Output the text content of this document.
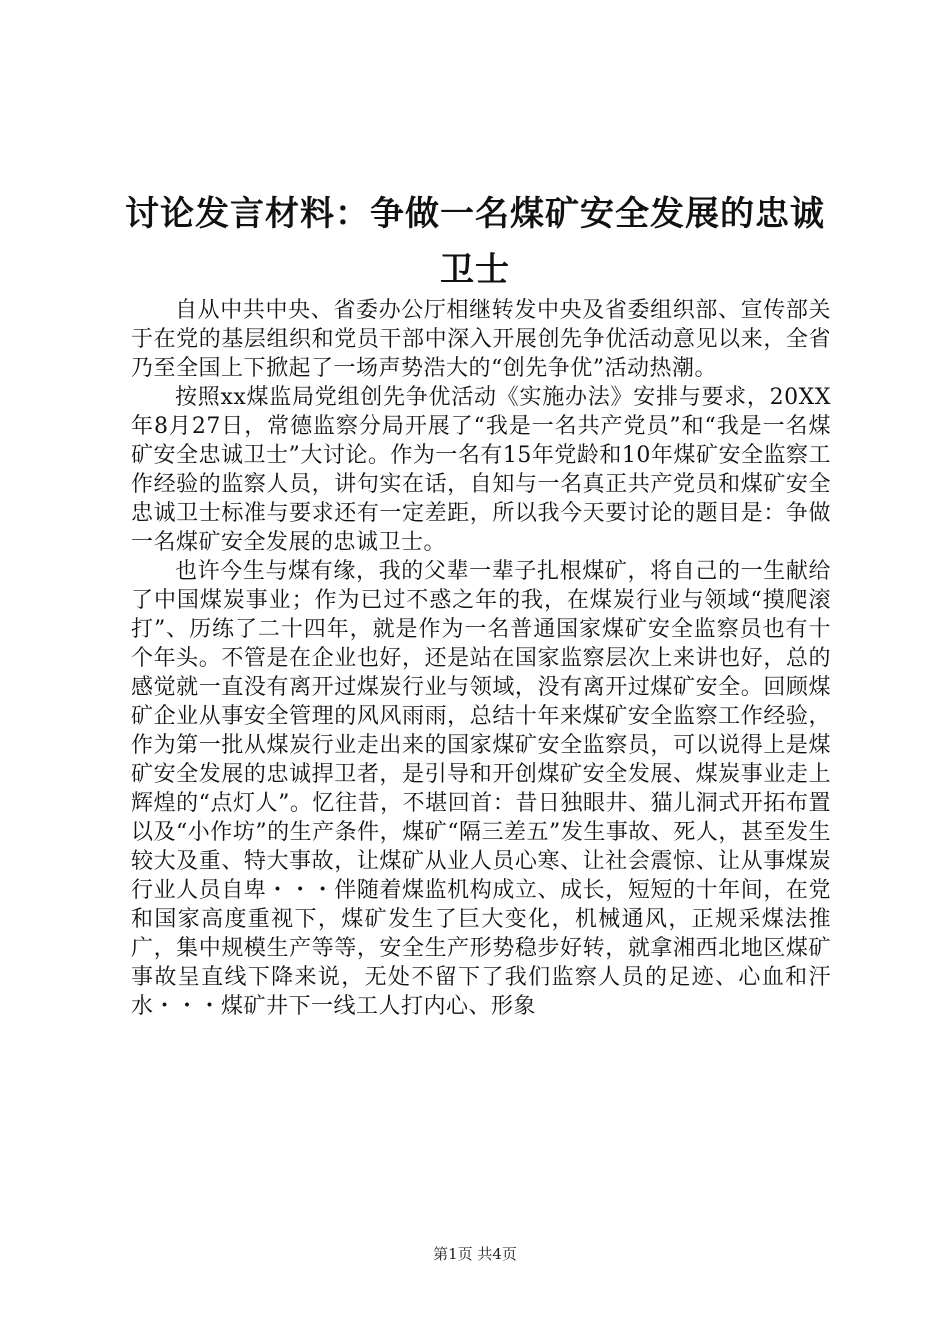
讨论发言材料：争做一名煤矿安全发展的忠诚卫士

自从中共中央、省委办公厅相继转发中央及省委组织部、宣传部关于在党的基层组织和党员干部中深入开展创先争优活动意见以来，全省乃至全国上下掀起了一场声势浩大的“创先争优”活动热潮。

按照xx煤监局党组创先争优活动《实施办法》安排与要求，20XX年8月27日，常德监察分局开展了“我是一名共产党员”和“我是一名煤矿安全忠诚卫士”大讨论。作为一名有15年党龄和10年煤矿安全监察工作经验的监察人员，讲句实在话，自知与一名真正共产党员和煤矿安全忠诚卫士标准与要求还有一定差距，所以我今天要讨论的题目是：争做一名煤矿安全发展的忠诚卫士。

也许今生与煤有缘，我的父辈一辈子扎根煤矿，将自己的一生献给了中国煤炭事业；作为已过不惑之年的我，在煤炭行业与领域“摸爬滚打”、历练了二十四年，就是作为一名普通国家煤矿安全监察员也有十个年头。不管是在企业也好，还是站在国家监察层次上来讲也好，总的感觉就一直没有离开过煤炭行业与领域，没有离开过煤矿安全。回顾煤矿企业从事安全管理的风风雨雨，总结十年来煤矿安全监察工作经验，作为第一批从煤炭行业走出来的国家煤矿安全监察员，可以说得上是煤矿安全发展的忠诚捍卫者，是引导和开创煤矿安全发展、煤炭事业走上辉煌的“点灯人”。忆往昔，不堪回首：昔日独眼井、猫儿洞式开拓布置以及“小作坊”的生产条件，煤矿“隔三差五”发生事故、死人，甚至发生较大及重、特大事故，让煤矿从业人员心寒、让社会震惊、让从事煤炭行业人员自卑・・・伴随着煤监机构成立、成长，短短的十年间，在党和国家高度重视下，煤矿发生了巨大变化，机械通风，正规采煤法推广，集中规模生产等等，安全生产形势稳步好转，就拿湘西北地区煤矿事故呈直线下降来说，无处不留下了我们监察人员的足迹、心血和汗水・・・煤矿井下一线工人打内心、形象

第1页 共4页
